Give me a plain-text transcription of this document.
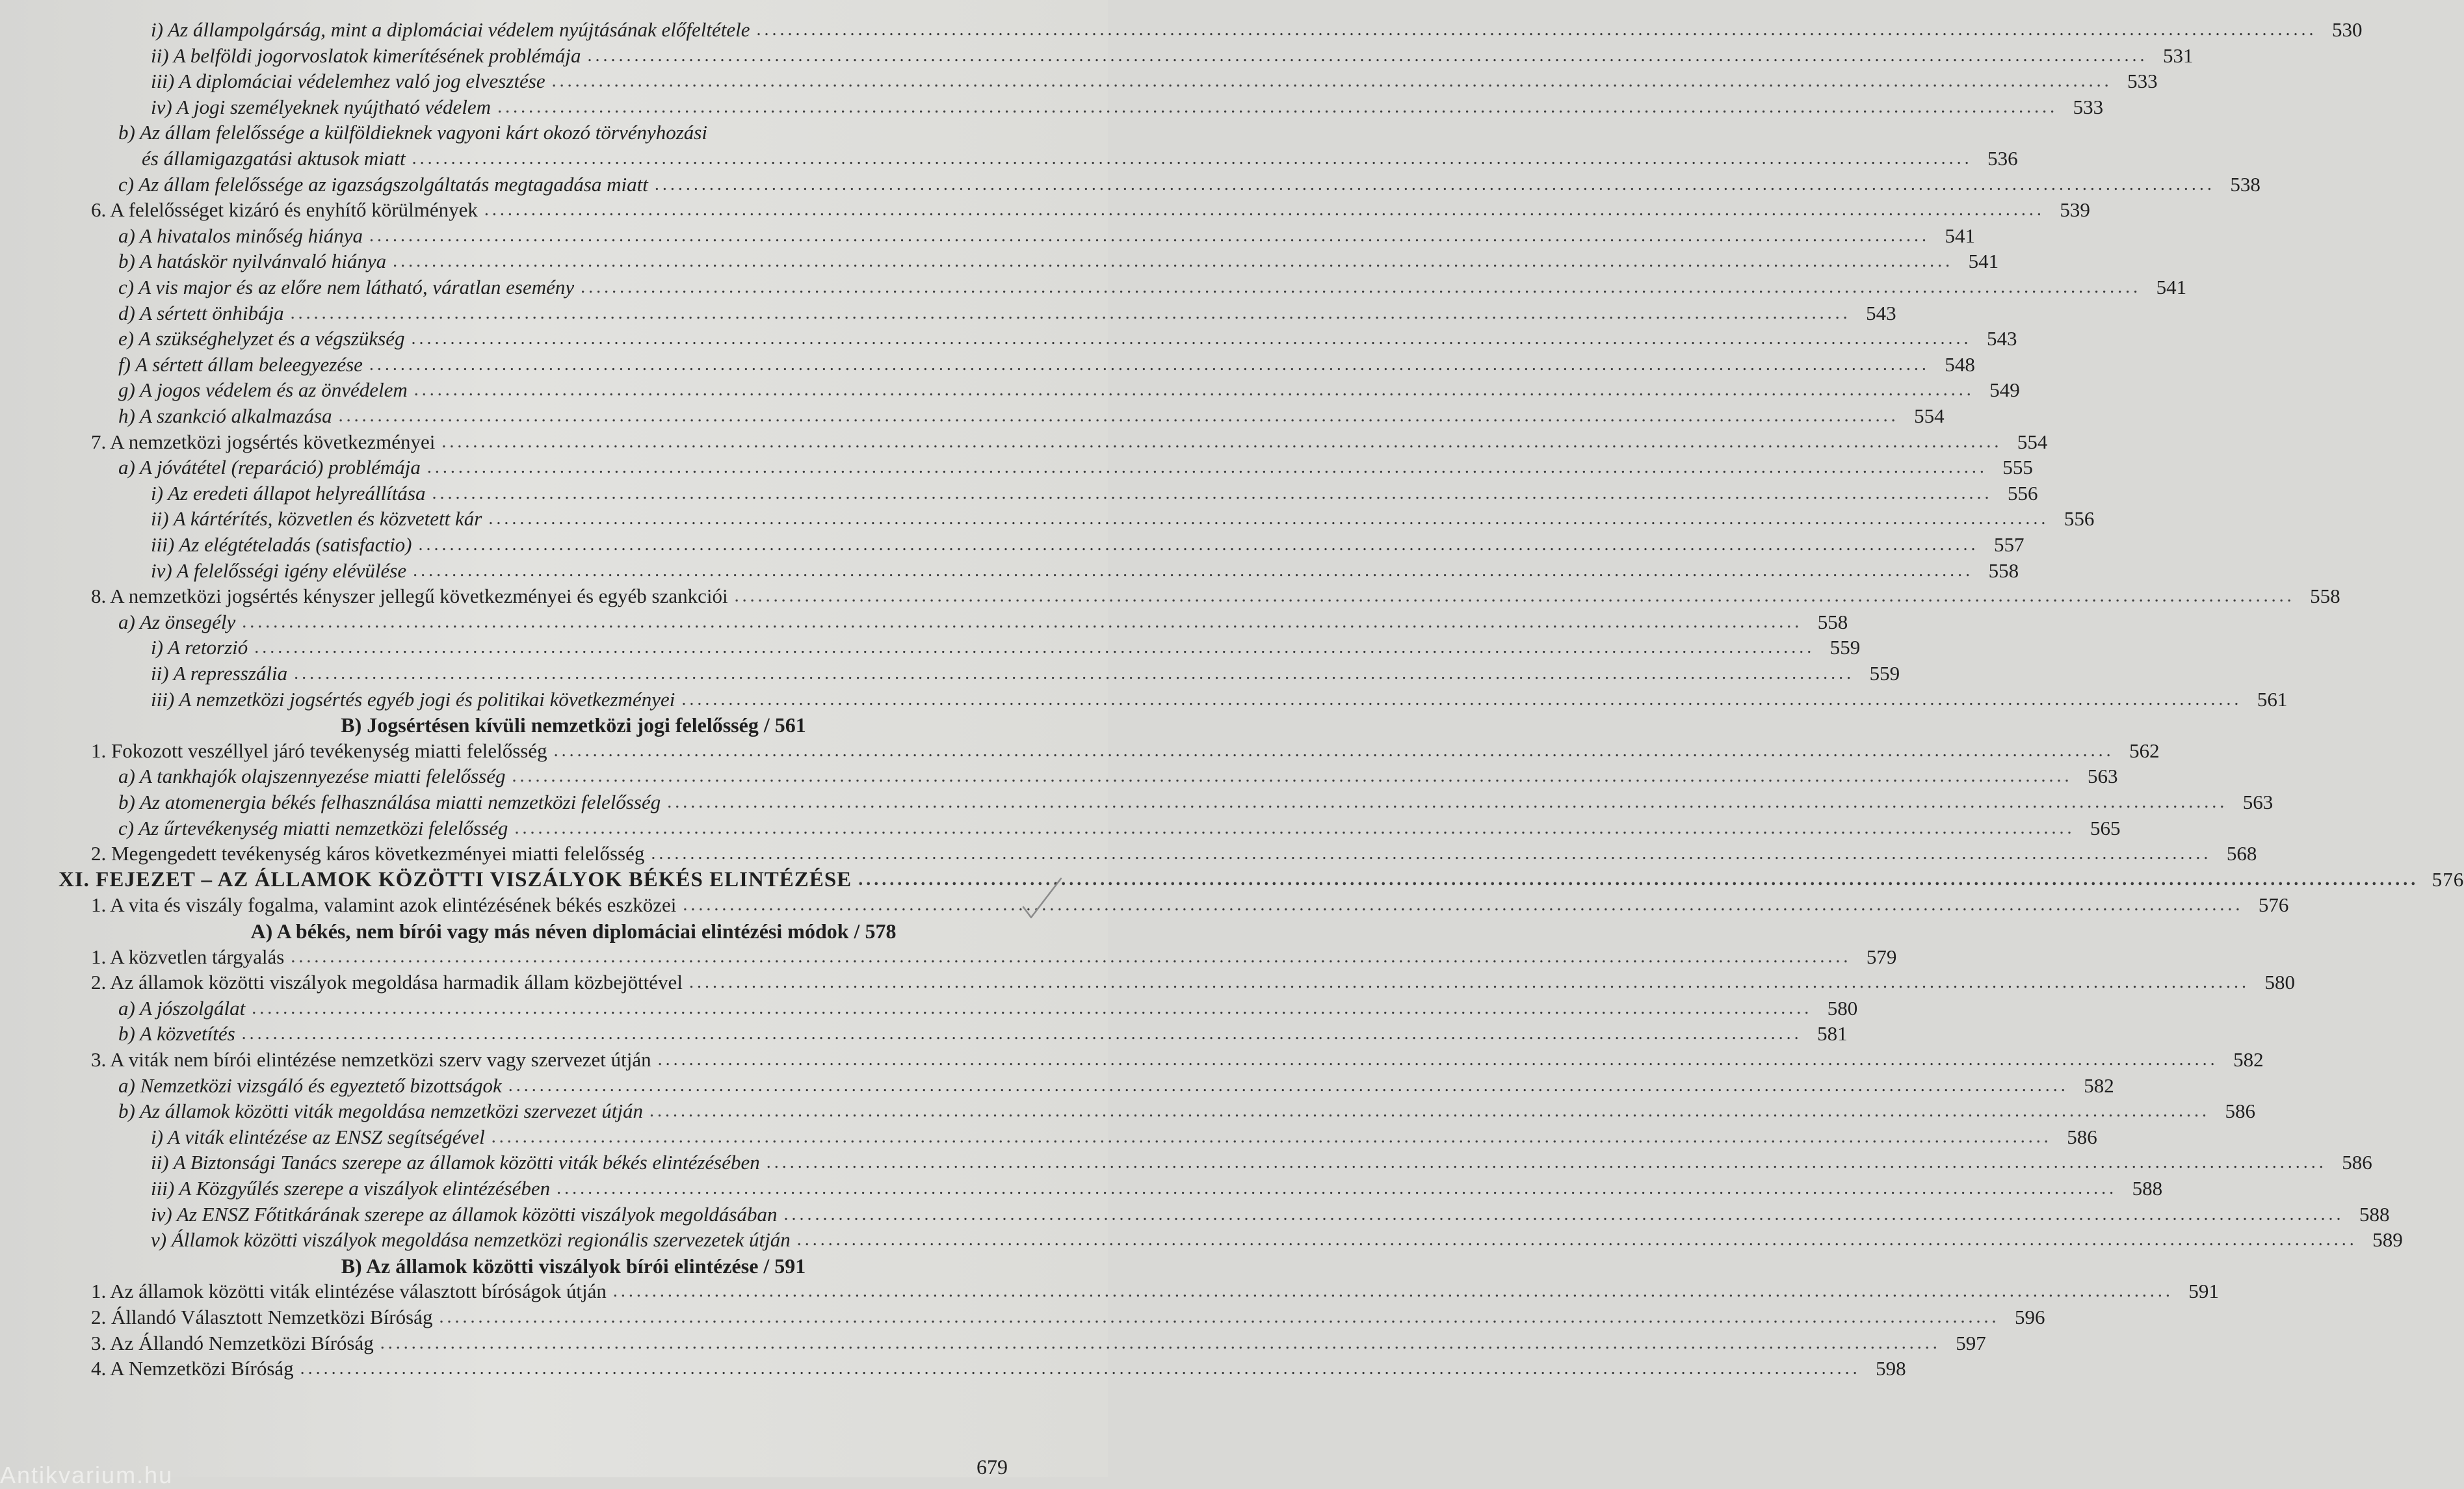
i) Az állampolgárság, mint a diplomáciai védelem nyújtásának előfeltétele ........................................................................................................................................................................................................ 530
ii) A belföldi jogorvoslatok kimerítésének problémája ........................................................................................................................................................................................................ 531
iii) A diplomáciai védelemhez való jog elvesztése ........................................................................................................................................................................................................ 533
iv) A jogi személyeknek nyújtható védelem ........................................................................................................................................................................................................ 533
b) Az állam felelőssége a külföldieknek vagyoni kárt okozó törvényhozási
és államigazgatási aktusok miatt ........................................................................................................................................................................................................ 536
c) Az állam felelőssége az igazságszolgáltatás megtagadása miatt ........................................................................................................................................................................................................ 538
6. A felelősséget kizáró és enyhítő körülmények ........................................................................................................................................................................................................ 539
a) A hivatalos minőség hiánya ........................................................................................................................................................................................................ 541
b) A hatáskör nyilvánvaló hiánya ........................................................................................................................................................................................................ 541
c) A vis major és az előre nem látható, váratlan esemény ........................................................................................................................................................................................................ 541
d) A sértett önhibája ........................................................................................................................................................................................................ 543
e) A szükséghelyzet és a végszükség ........................................................................................................................................................................................................ 543
f) A sértett állam beleegyezése ........................................................................................................................................................................................................ 548
g) A jogos védelem és az önvédelem ........................................................................................................................................................................................................ 549
h) A szankció alkalmazása ........................................................................................................................................................................................................ 554
7. A nemzetközi jogsértés következményei ........................................................................................................................................................................................................ 554
a) A jóvátétel (reparáció) problémája ........................................................................................................................................................................................................ 555
i) Az eredeti állapot helyreállítása ........................................................................................................................................................................................................ 556
ii) A kártérítés, közvetlen és közvetett kár ........................................................................................................................................................................................................ 556
iii) Az elégtételadás (satisfactio) ........................................................................................................................................................................................................ 557
iv) A felelősségi igény elévülése ........................................................................................................................................................................................................ 558
8. A nemzetközi jogsértés kényszer jellegű következményei és egyéb szankciói ........................................................................................................................................................................................................ 558
a) Az önsegély ........................................................................................................................................................................................................ 558
i) A retorzió ........................................................................................................................................................................................................ 559
ii) A represszália ........................................................................................................................................................................................................ 559
iii) A nemzetközi jogsértés egyéb jogi és politikai következményei ........................................................................................................................................................................................................ 561
B) Jogsértésen kívüli nemzetközi jogi felelősség / 561
1. Fokozott veszéllyel járó tevékenység miatti felelősség ........................................................................................................................................................................................................ 562
a) A tankhajók olajszennyezése miatti felelősség ........................................................................................................................................................................................................ 563
b) Az atomenergia békés felhasználása miatti nemzetközi felelősség ........................................................................................................................................................................................................ 563
c) Az űrtevékenység miatti nemzetközi felelősség ........................................................................................................................................................................................................ 565
2. Megengedett tevékenység káros következményei miatti felelősség ........................................................................................................................................................................................................ 568
XI. FEJEZET – AZ ÁLLAMOK KÖZÖTTI VISZÁLYOK BÉKÉS ELINTÉZÉSE ........................................................................................................................................................................................................ 576
1. A vita és viszály fogalma, valamint azok elintézésének békés eszközei ........................................................................................................................................................................................................ 576
A) A békés, nem bírói vagy más néven diplomáciai elintézési módok / 578
1. A közvetlen tárgyalás ........................................................................................................................................................................................................ 579
2. Az államok közötti viszályok megoldása harmadik állam közbejöttével ........................................................................................................................................................................................................ 580
a) A jószolgálat ........................................................................................................................................................................................................ 580
b) A közvetítés ........................................................................................................................................................................................................ 581
3. A viták nem bírói elintézése nemzetközi szerv vagy szervezet útján ........................................................................................................................................................................................................ 582
a) Nemzetközi vizsgáló és egyeztető bizottságok ........................................................................................................................................................................................................ 582
b) Az államok közötti viták megoldása nemzetközi szervezet útján ........................................................................................................................................................................................................ 586
i) A viták elintézése az ENSZ segítségével ........................................................................................................................................................................................................ 586
ii) A Biztonsági Tanács szerepe az államok közötti viták békés elintézésében ........................................................................................................................................................................................................ 586
iii) A Közgyűlés szerepe a viszályok elintézésében ........................................................................................................................................................................................................ 588
iv) Az ENSZ Főtitkárának szerepe az államok közötti viszályok megoldásában ........................................................................................................................................................................................................ 588
v) Államok közötti viszályok megoldása nemzetközi regionális szervezetek útján ........................................................................................................................................................................................................ 589
B) Az államok közötti viszályok bírói elintézése / 591
1. Az államok közötti viták elintézése választott bíróságok útján ........................................................................................................................................................................................................ 591
2. Állandó Választott Nemzetközi Bíróság ........................................................................................................................................................................................................ 596
3. Az Állandó Nemzetközi Bíróság ........................................................................................................................................................................................................ 597
4. A Nemzetközi Bíróság ........................................................................................................................................................................................................ 598
679
Antikvarium.hu
